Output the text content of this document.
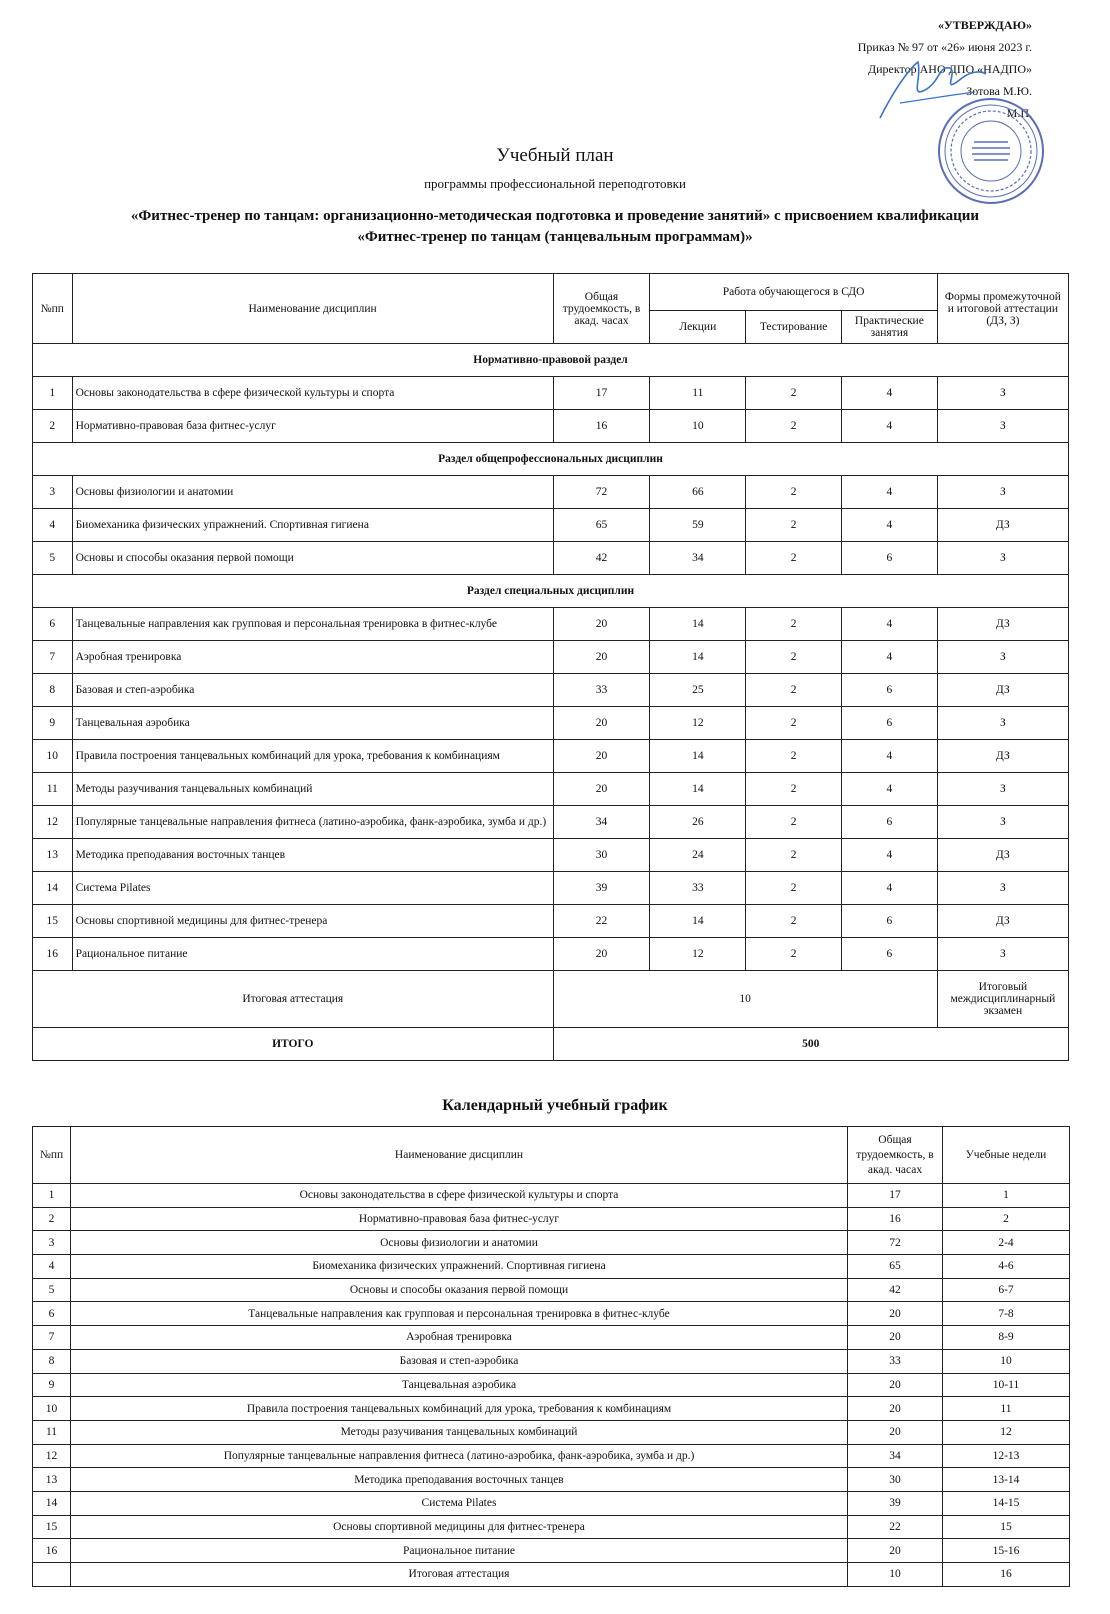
«УТВЕРЖДАЮ»
Приказ № 97 от «26» июня 2023 г.
Директор АНО ДПО «НАДПО»
Зотова М.Ю.
М.П.
Учебный план
программы профессиональной переподготовки
«Фитнес-тренер по танцам: организационно-методическая подготовка и проведение занятий» с присвоением квалификации
«Фитнес-тренер по танцам (танцевальным программам)»
№пп	Наименование дисциплин	Общая трудоемкость, в акад. часах	Работа обучающегося в СДО			Формы промежуточной и итоговой аттестации (ДЗ, З)
			Лекции	Тестирование	Практические занятия	
Нормативно-правовой раздел						
1	Основы законодательства в сфере физической культуры и спорта	17	11	2	4	З
2	Нормативно-правовая база фитнес-услуг	16	10	2	4	З
Раздел общепрофессиональных дисциплин						
3	Основы физиологии и анатомии	72	66	2	4	З
4	Биомеханика физических упражнений. Спортивная гигиена	65	59	2	4	ДЗ
5	Основы и способы оказания первой помощи	42	34	2	6	З
Раздел специальных дисциплин						
6	Танцевальные направления как групповая и персональная тренировка в фитнес-клубе	20	14	2	4	ДЗ
7	Аэробная тренировка	20	14	2	4	З
8	Базовая и степ-аэробика	33	25	2	6	ДЗ
9	Танцевальная аэробика	20	12	2	6	З
10	Правила построения танцевальных комбинаций для урока, требования к комбинациям	20	14	2	4	ДЗ
11	Методы разучивания танцевальных комбинаций	20	14	2	4	З
12	Популярные танцевальные направления фитнеса (латино-аэробика, фанк-аэробика, зумба и др.)	34	26	2	6	З
13	Методика преподавания восточных танцев	30	24	2	4	ДЗ
14	Система Pilates	39	33	2	4	З
15	Основы спортивной медицины для фитнес-тренера	22	14	2	6	ДЗ
16	Рациональное питание	20	12	2	6	З
Итоговая аттестация		10				Итоговый междисциплинарный экзамен
ИТОГО		500				
Календарный учебный график
№пп	Наименование дисциплин	Общая трудоемкость, в акад. часах	Учебные недели
1	Основы законодательства в сфере физической культуры и спорта	17	1
2	Нормативно-правовая база фитнес-услуг	16	2
3	Основы физиологии и анатомии	72	2-4
4	Биомеханика физических упражнений. Спортивная гигиена	65	4-6
5	Основы и способы оказания первой помощи	42	6-7
6	Танцевальные направления как групповая и персональная тренировка в фитнес-клубе	20	7-8
7	Аэробная тренировка	20	8-9
8	Базовая и степ-аэробика	33	10
9	Танцевальная аэробика	20	10-11
10	Правила построения танцевальных комбинаций для урока, требования к комбинациям	20	11
11	Методы разучивания танцевальных комбинаций	20	12
12	Популярные танцевальные направления фитнеса (латино-аэробика, фанк-аэробика, зумба и др.)	34	12-13
13	Методика преподавания восточных танцев	30	13-14
14	Система Pilates	39	14-15
15	Основы спортивной медицины для фитнес-тренера	22	15
16	Рациональное питание	20	15-16
	Итоговая аттестация	10	16
